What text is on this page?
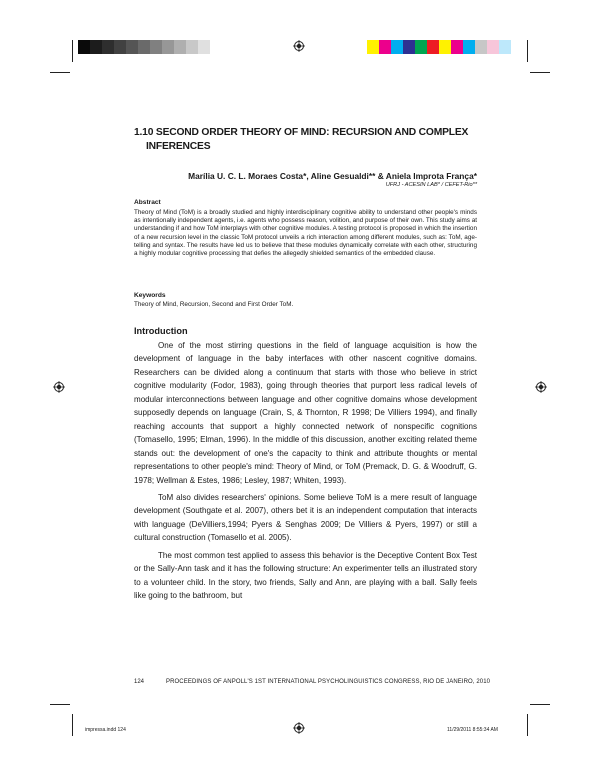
1.10 SECOND ORDER THEORY OF MIND: RECURSION AND COMPLEX
INFERENCES
Marília U. C. L. Moraes Costa*, Aline Gesualdi** & Aniela Improta França*
UFRJ - ACESIN LAB* / CEFET-Rio**
Abstract
Theory of Mind (ToM) is a broadly studied and highly interdisciplinary cognitive ability to understand other people's minds as intentionally independent agents, i.e. agents who possess reason, volition, and purpose of their own. This study aims at understanding if and how ToM interplays with other cognitive modules. A testing protocol is proposed in which the insertion of a new recursion level in the classic ToM protocol unveils a rich interaction among different modules, such as: ToM, age-telling and syntax. The results have led us to believe that these modules dynamically correlate with each other, structuring a highly modular cognitive processing that defies the allegedly shielded semantics of the embedded clause.
Keywords
Theory of Mind, Recursion, Second and First Order ToM.
Introduction

One of the most stirring questions in the field of language acquisition is how the development of language in the baby interfaces with other nascent cognitive domains. Researchers can be divided along a continuum that starts with those who believe in strict cognitive modularity (Fodor, 1983), going through theories that purport less radical levels of modular interconnections between language and other cognitive domains whose development supposedly depends on language (Crain, S, & Thornton, R 1998; De Villiers 1994), and finally reaching accounts that support a highly connected network of nonspecific cognitions (Tomasello, 1995; Elman, 1996). In the middle of this discussion, another exciting related theme stands out: the development of one's the capacity to think and attribute thoughts or mental representations to other people's mind: Theory of Mind, or ToM (Premack, D. G. & Woodruff, G. 1978; Wellman & Estes, 1986; Lesley, 1987; Whiten, 1993).

ToM also divides researchers' opinions. Some believe ToM is a mere result of language development (Southgate et al. 2007), others bet it is an independent computation that interacts with language (DeVilliers,1994; Pyers & Senghas 2009; De Villiers & Pyers, 1997) or still a cultural construction (Tomasello et al. 2005).

The most common test applied to assess this behavior is the Deceptive Content Box Test or the Sally-Ann task and it has the following structure: An experimenter tells an illustrated story to a volunteer child. In the story, two friends, Sally and Ann, are playing with a ball. Sally feels like going to the bathroom, but

124	PROCEEDINGS OF ANPOLL'S 1ST INTERNATIONAL PSYCHOLINGUISTICS CONGRESS, RIO DE JANEIRO, 2010
impressa.indd 124	11/29/2011 8:55:34 AM
